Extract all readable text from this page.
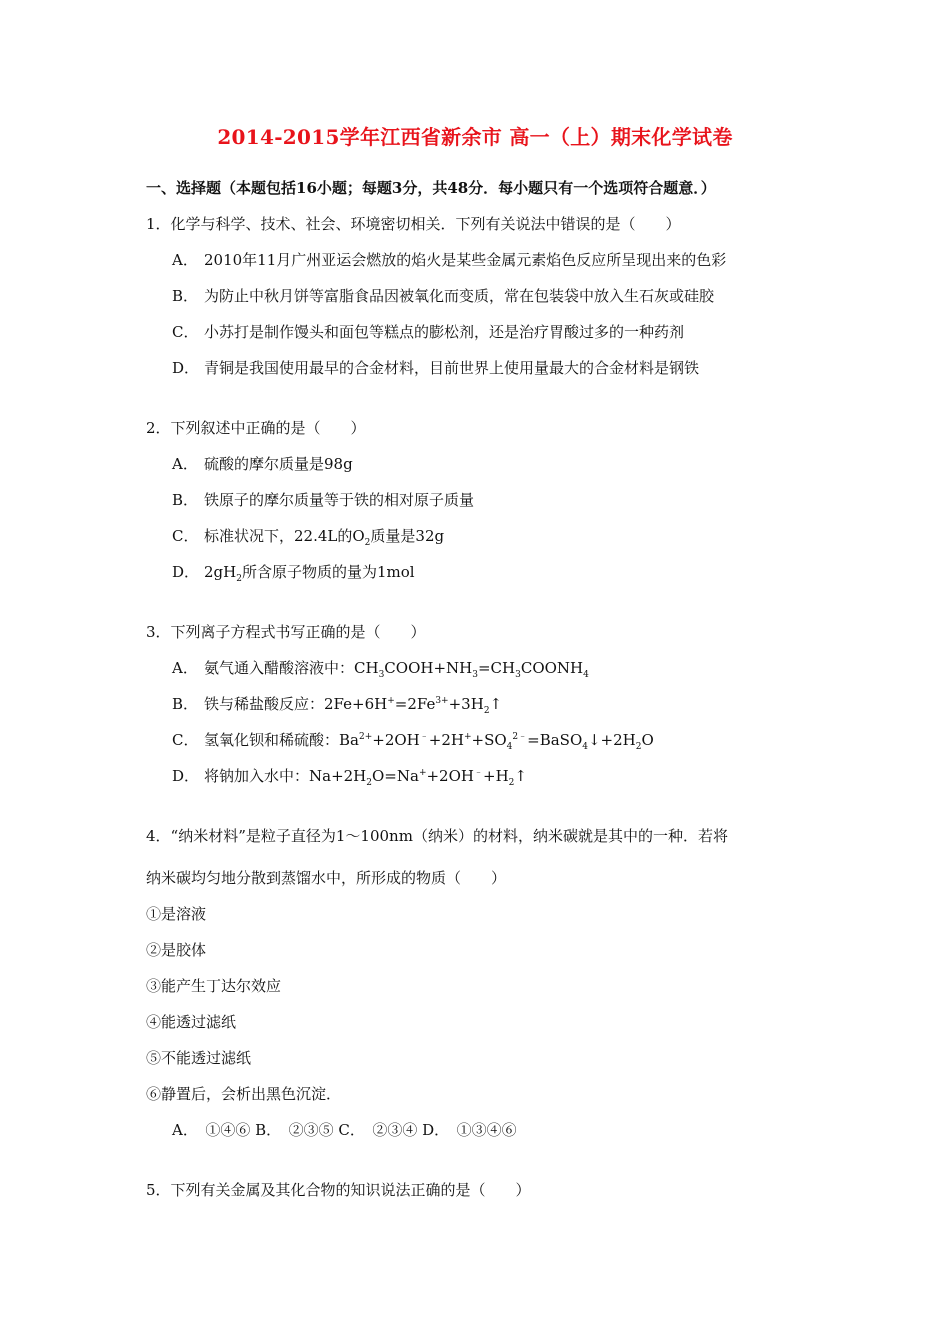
2014-2015学年江西省新余市 高一（上）期末化学试卷
一、选择题（本题包括16小题；每题3分，共48分．每小题只有一个选项符合题意．）
1．化学与科学、技术、社会、环境密切相关．下列有关说法中错误的是（　　）
A． 2010年11月广州亚运会燃放的焰火是某些金属元素焰色反应所呈现出来的色彩
B． 为防止中秋月饼等富脂食品因被氧化而变质，常在包装袋中放入生石灰或硅胶
C． 小苏打是制作馒头和面包等糕点的膨松剂，还是治疗胃酸过多的一种药剂
D． 青铜是我国使用最早的合金材料，目前世界上使用量最大的合金材料是钢铁
2．下列叙述中正确的是（　　）
A． 硫酸的摩尔质量是98g
B． 铁原子的摩尔质量等于铁的相对原子质量
C． 标准状况下，22.4L的$O_2$质量是32g
D． $2gH_2$所含原子物质的量为1mol
3．下列离子方程式书写正确的是（　　）
A． 氨气通入醋酸溶液中：$CH_3COOH+NH_3=CH_3COONH_4$
B． 铁与稀盐酸反应：$2Fe+6H^+=2Fe^{3+}+3H_2↑$
C． 氢氧化钡和稀硫酸：$Ba^{2+}+2OH^﹣+2H^++SO_4^{2﹣}=BaSO_4↓+2H_2O$
D． 将钠加入水中：$Na+2H_2O=Na^++2OH^﹣+H_2↑$
4．“纳米材料”是粒子直径为1～100nm（纳米）的材料，纳米碳就是其中的一种．若将
纳米碳均匀地分散到蒸馏水中，所形成的物质（　　）
①是溶液
②是胶体
③能产生丁达尔效应
④能透过滤纸
⑤不能透过滤纸
⑥静置后，会析出黑色沉淀．
A．　①④⑥ B．　②③⑤ C．　②③④ D．　①③④⑥
5．下列有关金属及其化合物的知识说法正确的是（　　）
